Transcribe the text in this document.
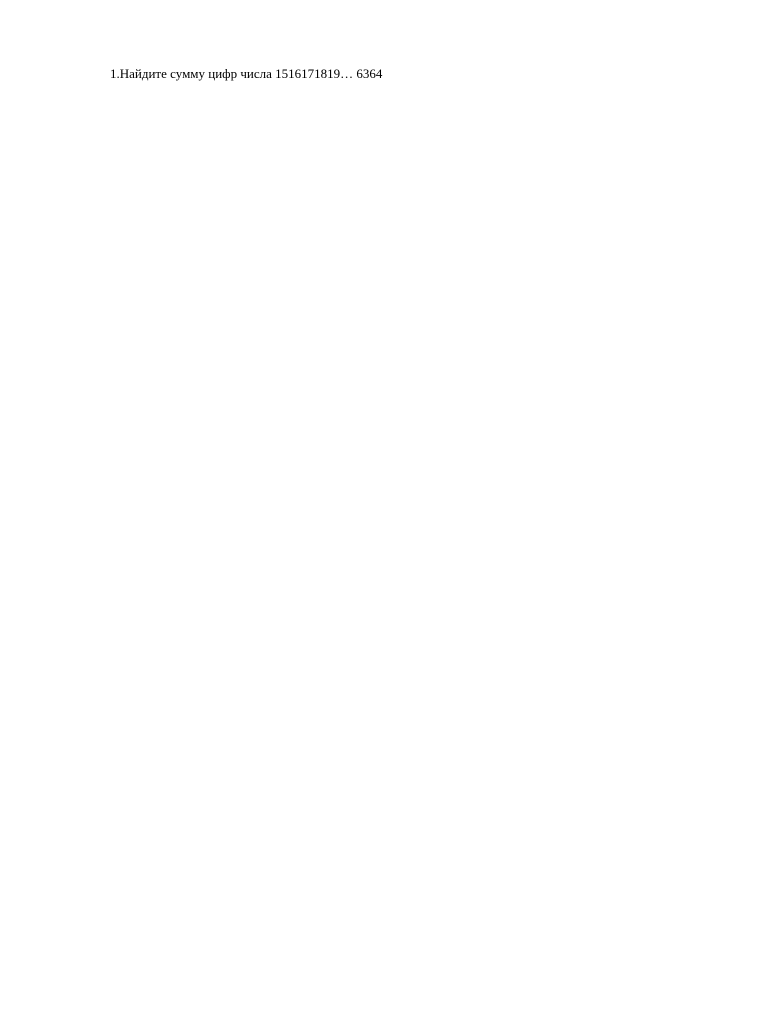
1.Найдите сумму цифр числа 1516171819… 6364
